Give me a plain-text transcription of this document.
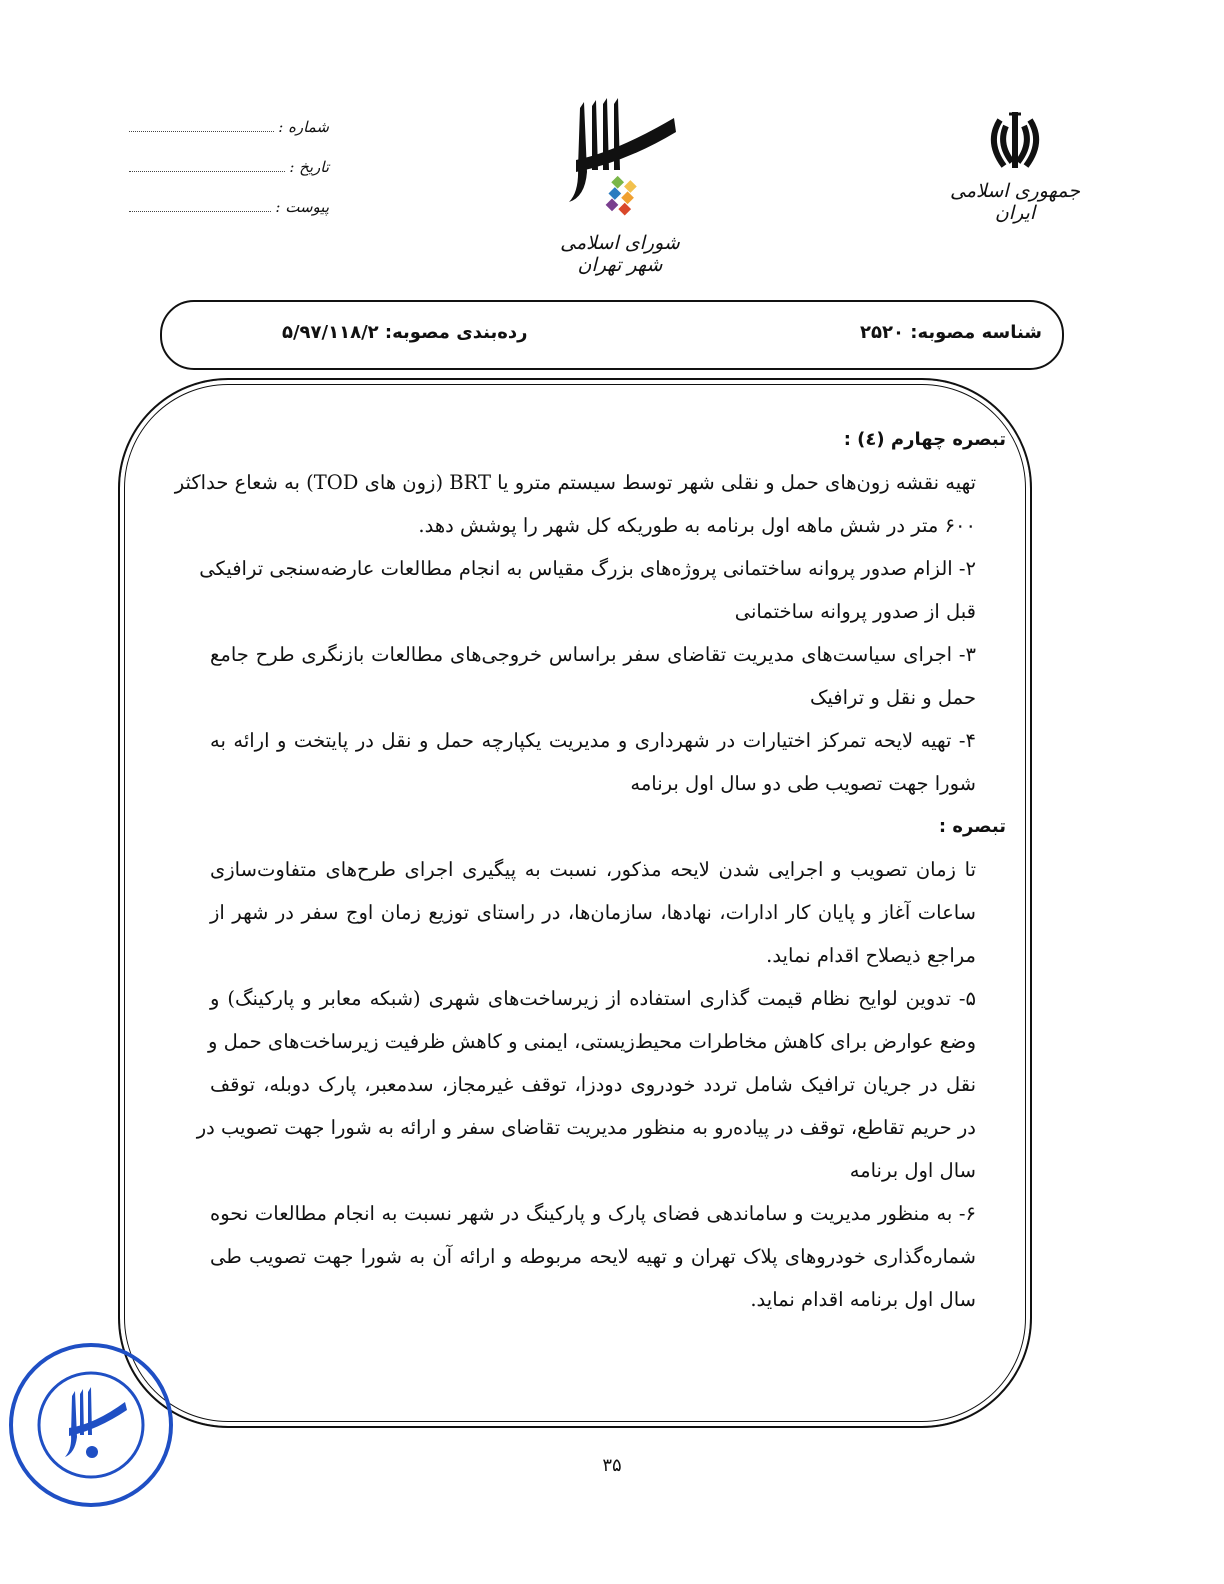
شماره :
تاریخ :
پیوست :
شورای اسلامی شهر تهران
جمهوری اسلامی ایران
شناسه مصوبه: ۲۵۲۰
رده‌بندی مصوبه: ۵/۹۷/۱۱۸/۲
تبصره چهارم (٤) :
تهیه نقشه زون‌های حمل و نقلی شهر توسط سیستم مترو یا BRT (زون های TOD) به شعاع حداکثر
۶۰۰ متر در شش ماهه اول برنامه به طوریکه کل شهر را پوشش دهد.
۲- الزام صدور پروانه ساختمانی پروژه‌های بزرگ مقیاس به انجام مطالعات عارضه‌سنجی ترافیکی
قبل از صدور پروانه ساختمانی
۳- اجرای سیاست‌های مدیریت تقاضای سفر براساس خروجی‌های مطالعات بازنگری طرح جامع
حمل و نقل و ترافیک
۴- تهیه لایحه تمرکز اختیارات در شهرداری و مدیریت یکپارچه حمل و نقل در پایتخت و ارائه به
شورا جهت تصویب طی دو سال اول برنامه
تبصره :
تا زمان تصویب و اجرایی شدن لایحه مذکور، نسبت به پیگیری اجرای طرح‌های متفاوت‌سازی
ساعات آغاز و پایان کار ادارات، نهادها، سازمان‌ها، در راستای توزیع زمان اوج سفر در شهر از
مراجع ذیصلاح اقدام نماید.
۵- تدوین لوایح نظام قیمت گذاری استفاده از زیرساخت‌های شهری (شبکه معابر و پارکینگ) و
وضع عوارض برای کاهش مخاطرات محیط‌زیستی، ایمنی و کاهش ظرفیت زیرساخت‌های حمل و
نقل در جریان ترافیک شامل تردد خودروی دودزا، توقف غیرمجاز، سدمعبر، پارک دوبله، توقف
در حریم تقاطع، توقف در پیاده‌رو به منظور مدیریت تقاضای سفر و ارائه به شورا جهت تصویب در
سال اول برنامه
۶- به منظور مدیریت و ساماندهی فضای پارک و پارکینگ در شهر نسبت به انجام مطالعات نحوه
شماره‌گذاری خودروهای پلاک تهران و تهیه لایحه مربوطه و ارائه آن به شورا جهت تصویب طی
سال اول برنامه اقدام نماید.
۳۵
